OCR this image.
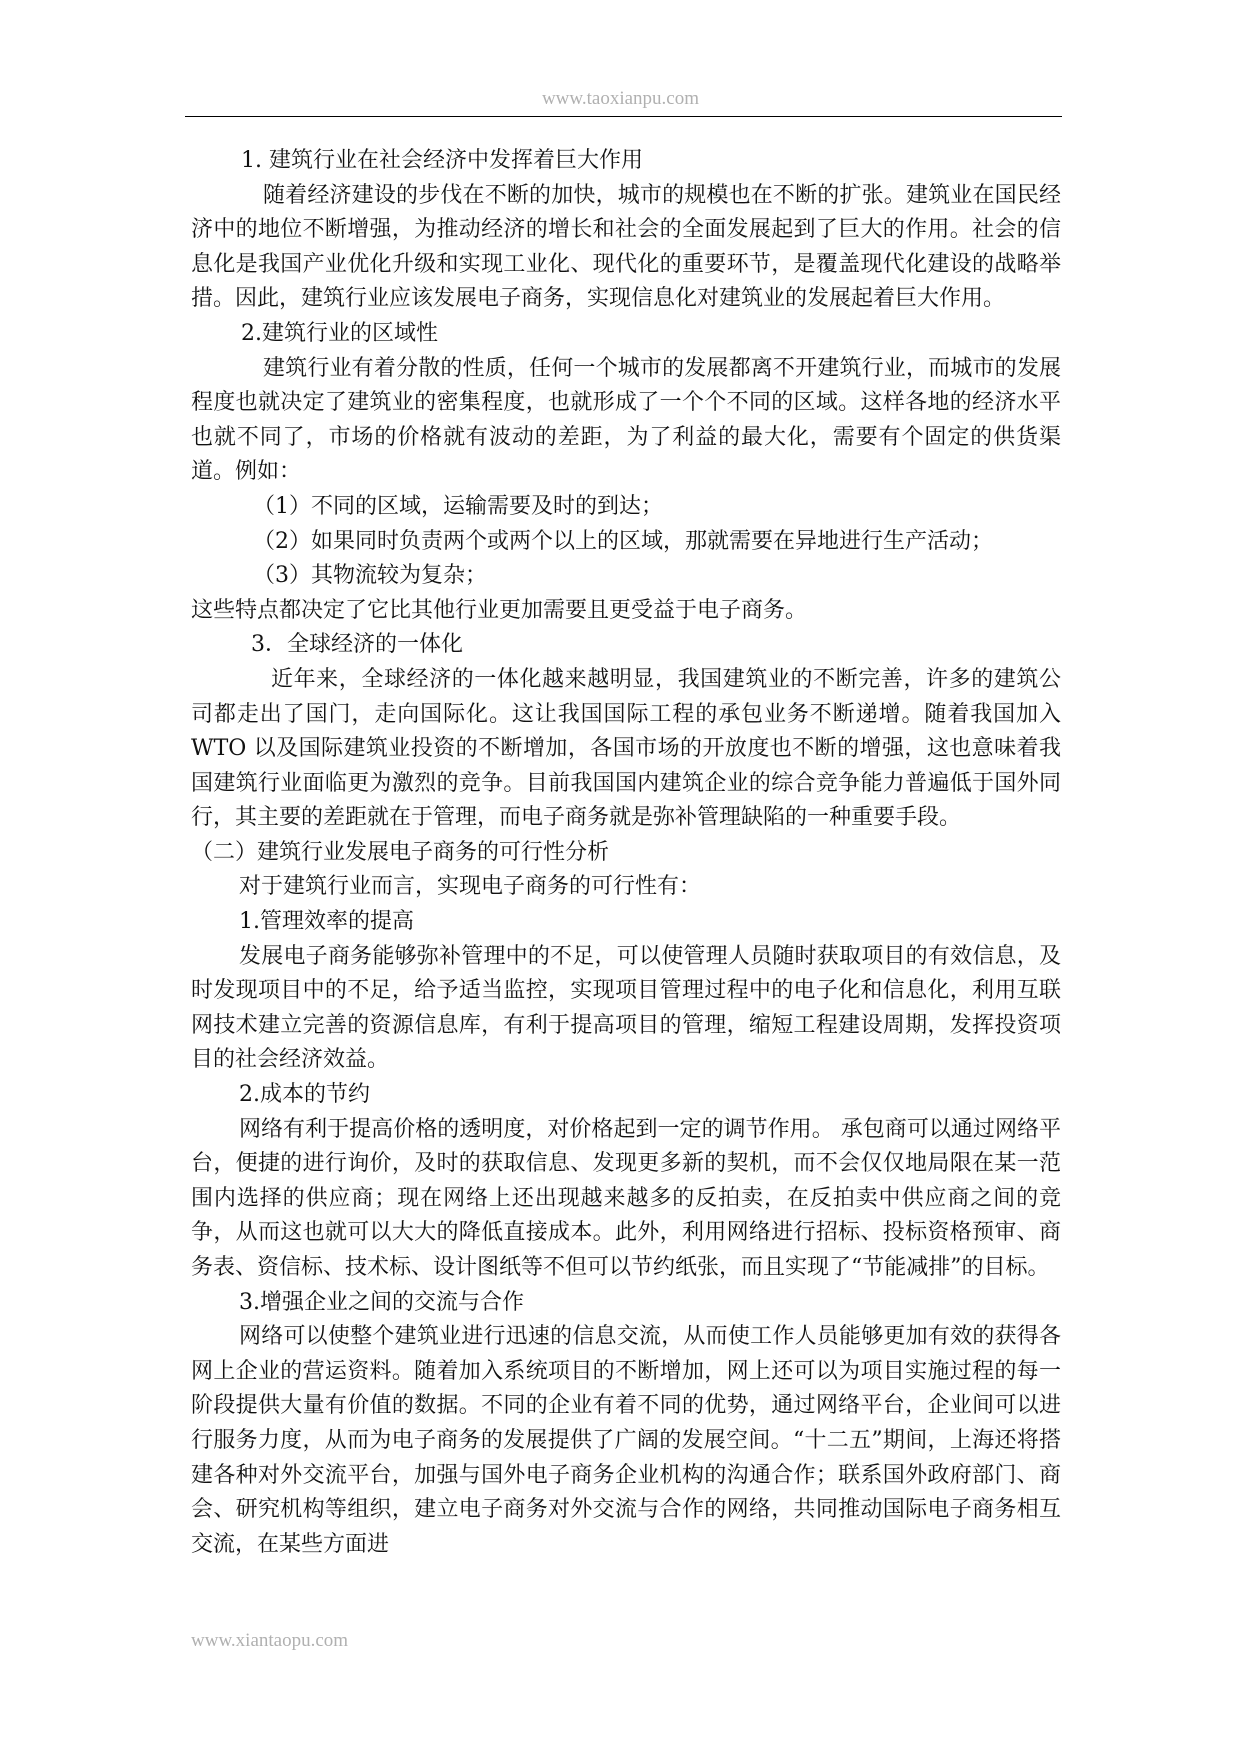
www.taoxianpu.com

1. 建筑行业在社会经济中发挥着巨大作用

随着经济建设的步伐在不断的加快，城市的规模也在不断的扩张。建筑业在国民经济中的地位不断增强，为推动经济的增长和社会的全面发展起到了巨大的作用。社会的信息化是我国产业优化升级和实现工业化、现代化的重要环节，是覆盖现代化建设的战略举措。因此，建筑行业应该发展电子商务，实现信息化对建筑业的发展起着巨大作用。

2.建筑行业的区域性

建筑行业有着分散的性质，任何一个城市的发展都离不开建筑行业，而城市的发展程度也就决定了建筑业的密集程度，也就形成了一个个不同的区域。这样各地的经济水平也就不同了，市场的价格就有波动的差距，为了利益的最大化，需要有个固定的供货渠道。例如：

（1）不同的区域，运输需要及时的到达；

（2）如果同时负责两个或两个以上的区域，那就需要在异地进行生产活动；

（3）其物流较为复杂；

这些特点都决定了它比其他行业更加需要且更受益于电子商务。

3．全球经济的一体化

近年来，全球经济的一体化越来越明显，我国建筑业的不断完善，许多的建筑公司都走出了国门，走向国际化。这让我国国际工程的承包业务不断递增。随着我国加入 WTO 以及国际建筑业投资的不断增加，各国市场的开放度也不断的增强，这也意味着我国建筑行业面临更为激烈的竞争。目前我国国内建筑企业的综合竞争能力普遍低于国外同行，其主要的差距就在于管理，而电子商务就是弥补管理缺陷的一种重要手段。

（二）建筑行业发展电子商务的可行性分析

对于建筑行业而言，实现电子商务的可行性有：

1.管理效率的提高

发展电子商务能够弥补管理中的不足，可以使管理人员随时获取项目的有效信息，及时发现项目中的不足，给予适当监控，实现项目管理过程中的电子化和信息化，利用互联网技术建立完善的资源信息库，有利于提高项目的管理，缩短工程建设周期，发挥投资项目的社会经济效益。

2.成本的节约

网络有利于提高价格的透明度，对价格起到一定的调节作用。 承包商可以通过网络平台，便捷的进行询价，及时的获取信息、发现更多新的契机，而不会仅仅地局限在某一范围内选择的供应商；现在网络上还出现越来越多的反拍卖，在反拍卖中供应商之间的竞争，从而这也就可以大大的降低直接成本。此外，利用网络进行招标、投标资格预审、商务表、资信标、技术标、设计图纸等不但可以节约纸张，而且实现了“节能减排”的目标。

3.增强企业之间的交流与合作

网络可以使整个建筑业进行迅速的信息交流，从而使工作人员能够更加有效的获得各网上企业的营运资料。随着加入系统项目的不断增加，网上还可以为项目实施过程的每一阶段提供大量有价值的数据。不同的企业有着不同的优势，通过网络平台，企业间可以进行服务力度，从而为电子商务的发展提供了广阔的发展空间。“十二五”期间，上海还将搭建各种对外交流平台，加强与国外电子商务企业机构的沟通合作；联系国外政府部门、商会、研究机构等组织，建立电子商务对外交流与合作的网络，共同推动国际电子商务相互交流，在某些方面进

www.xiantaopu.com
